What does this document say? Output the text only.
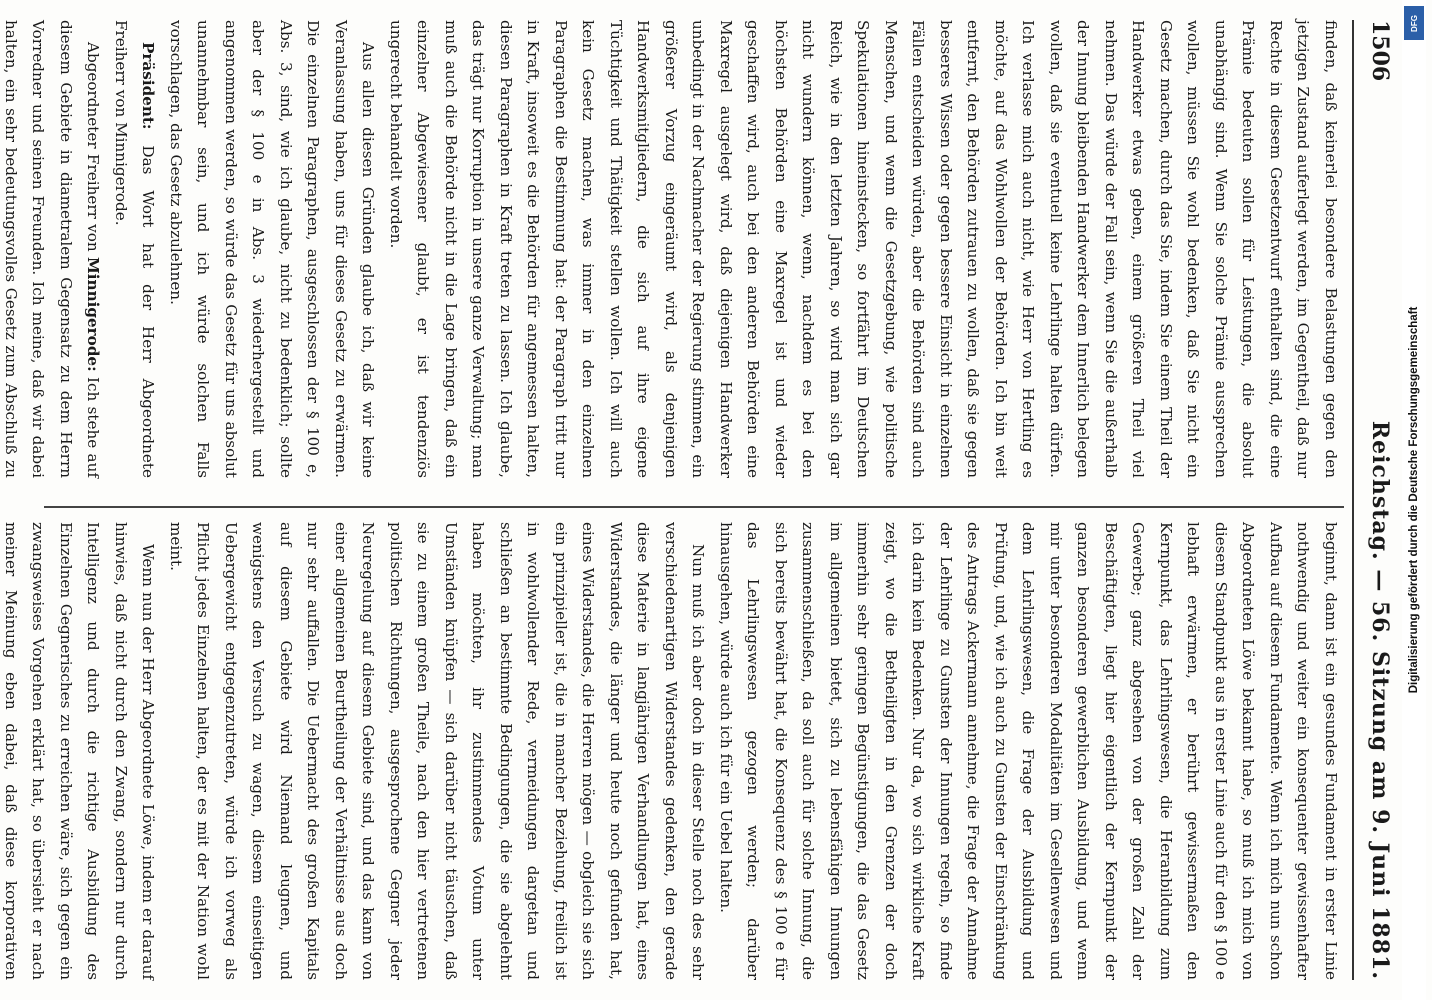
1506
Reichstag. — 56. Sitzung am 9. Juni 1881.

finden, daß keinerlei besondere Belastungen gegen den jetzigen Zustand auferlegt werden, im Gegentheil, daß nur Rechte in diesem Gesetzentwurf enthalten sind, die eine Prämie bedeuten sollen für Leistungen, die absolut unabhängig sind. Wenn Sie solche Prämie aussprechen wollen, müssen Sie wohl bedenken, daß Sie nicht ein Gesetz machen, durch das Sie, indem Sie einem Theil der Handwerker etwas geben, einem größeren Theil viel nehmen. Das würde der Fall sein, wenn Sie die außerhalb der Innung bleibenden Handwerker dem Innerlich belegen wollen, daß sie eventuell keine Lehrlinge halten dürfen. Ich verlasse mich auch nicht, wie Herr von Hertling es möchte, auf das Wohlwollen der Behörden. Ich bin weit entfernt, den Behörden zutrauen zu wollen, daß sie gegen besseres Wissen oder gegen bessere Einsicht in einzelnen Fällen entscheiden würden, aber die Behörden sind auch Menschen, und wenn die Gesetzgebung, wie politische Spekulationen hineinstecken, so fortfährt im Deutschen Reich, wie in den letzten Jahren, so wird man sich gar nicht wundern können, wenn, nachdem es bei den höchsten Behörden eine Maxregel ist und wieder geschaffen wird, auch bei den anderen Behörden eine Maxregel ausgelegt wird, daß diejenigen Handwerker unbedingt in der Nachmacher der Regierung stimmen, ein größerer Vorzug eingeräumt wird, als denjenigen Handwerksmitgliedern, die sich auf ihre eigene Tüchtigkeit und Thätigkeit stellen wollen. Ich will auch kein Gesetz machen, was immer in den einzelnen Paragraphen die Bestimmung hat: der Paragraph tritt nur in Kraft, insoweit es die Behörden für angemessen halten, diesen Paragraphen in Kraft treten zu lassen. Ich glaube, das trägt nur Korruption in unsere ganze Verwaltung; man muß auch die Behörde nicht in die Lage bringen, daß ein einzelner Abgewiesener glaubt, er ist tendenziös ungerecht behandelt worden.

Aus allen diesen Gründen glaube ich, daß wir keine Veranlassung haben, uns für dieses Gesetz zu erwärmen. Die einzelnen Paragraphen, ausgeschlossen der § 100 e, Abs. 3, sind, wie ich glaube, nicht zu bedenklich; sollte aber der § 100 e in Abs. 3 wiederhergestellt und angenommen werden, so würde das Gesetz für uns absolut unannehmbar sein, und ich würde solchen Falls vorschlagen, das Gesetz abzulehnen.

Präsident: Das Wort hat der Herr Abgeordnete Freiherr von Minnigerode.

Abgeordneter Freiherr von Minnigerode: Ich stehe auf diesem Gebiete in diametralem Gegensatz zu dem Herrn Vorredner und seinen Freunden. Ich meine, daß wir dabei halten, ein sehr bedeutungsvolles Gesetz zum Abschluß zu

beginnt, dann ist ein gesundes Fundament in erster Linie nothwendig und weiter ein konsequenter gewissenhafter Aufbau auf diesem Fundamente. Wenn ich mich nun schon Abgeordneten Löwe bekannt habe, so muß ich mich von diesem Standpunkt aus in erster Linie auch für den § 100 e lebhaft erwärmen, er berührt gewissermaßen den Kernpunkt, das Lehrlingswesen, die Heranbildung zum Gewerbe; ganz abgesehen von der großen Zahl der Beschäftigten, liegt hier eigentlich der Kernpunkt der ganzen besonderen gewerblichen Ausbildung, und wenn mir unter besonderen Modalitäten im Gesellenwesen und dem Lehrlingswesen, die Frage der Ausbildung und Prüfung, und, wie ich auch zu Gunsten der Einschränkung des Antrags Ackermann annehme, die Frage der Annahme der Lehrlinge zu Gunsten der Innungen regeln, so finde ich darin kein Bedenken. Nur da, wo sich wirkliche Kraft zeigt, wo die Betheiligten in den Grenzen der doch immerhin sehr geringen Begünstigungen, die das Gesetz im allgemeinen bietet, sich zu lebensfähigen Innungen zusammenschließen, da soll auch für solche Innung, die sich bereits bewährt hat, die Konsequenz des § 100 e für das Lehrlingswesen gezogen werden; darüber hinausgehen, würde auch ich für ein Uebel halten.

Nun muß ich aber doch in dieser Stelle noch des sehr verschiedenartigen Widerstandes gedenken, den gerade diese Materie in langjährigen Verhandlungen hat, eines Widerstandes, die länger und heute noch gefunden hat, eines Widerstandes, die Herren mögen — obgleich sie sich ein prinzipieller ist, die in mancher Beziehung, freilich ist in wohlwollender Rede, vermeidungen dargetan und schließen an bestimmte Bedingungen, die sie abgelehnt haben möchten, ihr zustimmendes Votum unter Umständen knüpfen — sich darüber nicht täuschen, daß sie zu einem großen Theile, nach den hier vertretenen politischen Richtungen, ausgesprochene Gegner jeder Neuregelung auf diesem Gebiete sind, und das kann von einer allgemeinen Beurtheilung der Verhältnisse aus doch nur sehr auffallen. Die Uebermacht des großen Kapitals auf diesem Gebiete wird Niemand leugnen, und wenigstens den Versuch zu wagen, diesem einseitigen Uebergewicht entgegenzutreten, würde ich vorweg als Pflicht jedes Einzelnen halten, der es mit der Nation wohl meint.

Wenn nun der Herr Abgeordnete Löwe, indem er darauf hinwies, daß nicht durch den Zwang, sondern nur durch Intelligenz und durch die richtige Ausbildung des Einzelnen Gegnerisches zu erreichen wäre, sich gegen ein zwangsweises Vorgehen erklärt hat, so übersieht er nach meiner Meinung eben dabei, daß diese korporativen

Digitalisierung gefördert durch die Deutsche Forschungsgemeinschaft
DFG
